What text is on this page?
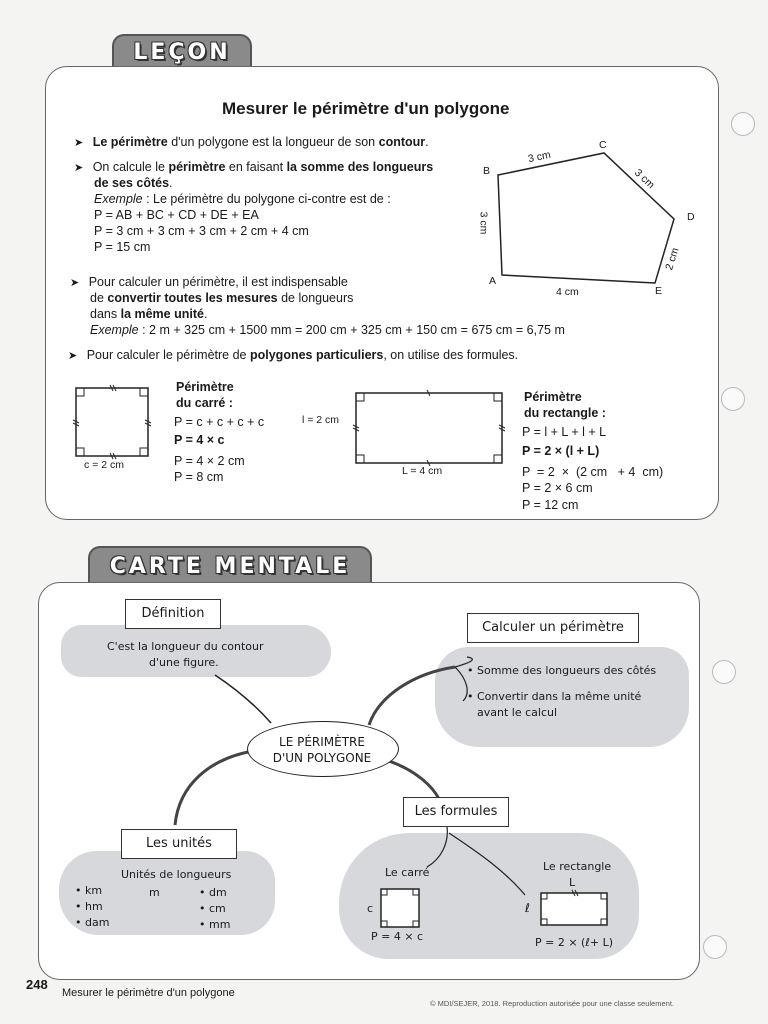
LEÇON
Mesurer le périmètre d'un polygone
➤ Le périmètre d'un polygone est la longueur de son contour.
➤ On calcule le périmètre en faisant la somme des longueurs
de ses côtés.
Exemple : Le périmètre du polygone ci-contre est de :
P = AB + BC + CD + DE + EA
P = 3 cm + 3 cm + 3 cm + 2 cm + 4 cm
P = 15 cm
B
C
D
E
A
3 cm
3 cm
2 cm
4 cm
3 cm
➤ Pour calculer un périmètre, il est indispensable
de convertir toutes les mesures de longueurs
dans la même unité.
Exemple : 2 m + 325 cm + 1500 mm = 200 cm + 325 cm + 150 cm = 675 cm = 6,75 m
➤ Pour calculer le périmètre de polygones particuliers, on utilise des formules.
c = 2 cm
Périmètre
du carré :
P = c + c + c + c
P = 4 × c
P = 4 × 2 cm
P = 8 cm
l = 2 cm
L = 4 cm
Périmètre
du rectangle :
P = l + L + l + L
P = 2 × (l + L)
P  = 2  ×  (2 cm   + 4  cm)
P = 2 × 6 cm
P = 12 cm
CARTE MENTALE
LE PÉRIMÈTRE
D'UN POLYGONE
Définition
C'est la longueur du contour
d'une figure.
Calculer un périmètre
• Somme des longueurs des côtés
• Convertir dans la même unité
avant le calcul
Les unités
Unités de longueurs
• km
• hm
• dam
m	• dm
• cm
• mm
Les formules
Le carré
c
P = 4 × c
Le rectangle
L
ℓ
P = 2 × (ℓ+ L)
248
Mesurer le périmètre d'un polygone
© MDI/SEJER, 2018. Reproduction autorisée pour une classe seulement.
